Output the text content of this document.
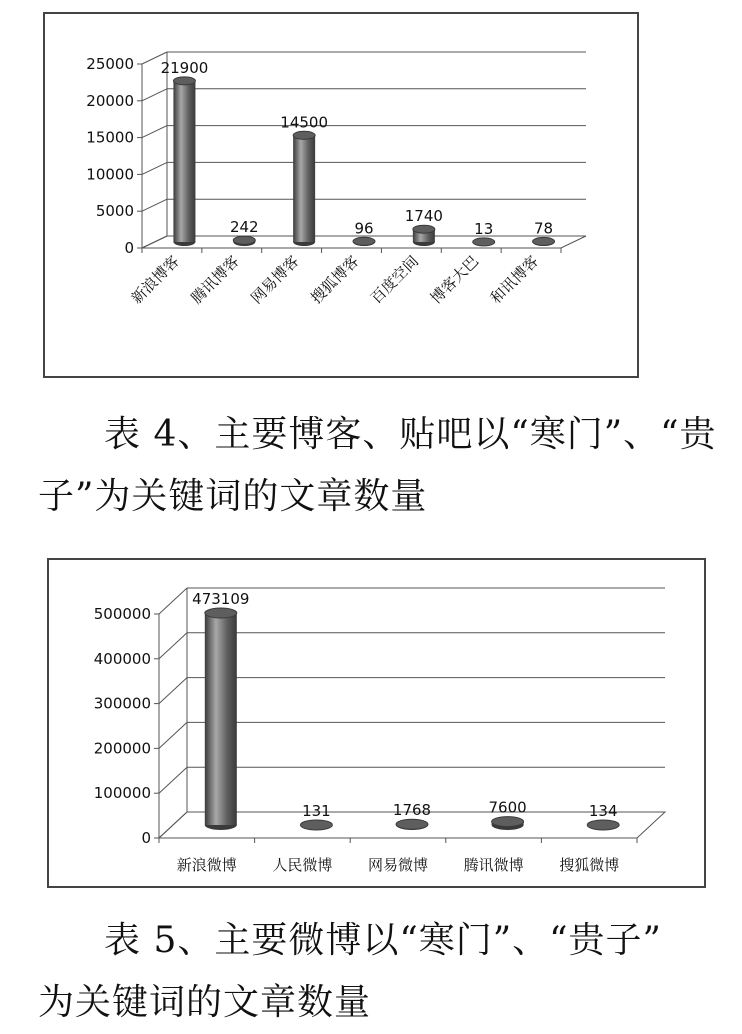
0
5000
10000
15000
20000
25000 21900
242
14500
96
1740
13	78
新浪博客 腾讯博客 网易博客 搜狐博客 百度空间 博客大巴 和讯博客
表 4、主要博客、贴吧以“寒门”、“贵
子”为关键词的文章数量
0
100000
200000
300000
400000
500000
473109
131	1768	7600	134
新浪微博 人民微博 网易微博 腾讯微博 搜狐微博
表 5、主要微博以“寒门”、“贵子”
为关键词的文章数量
